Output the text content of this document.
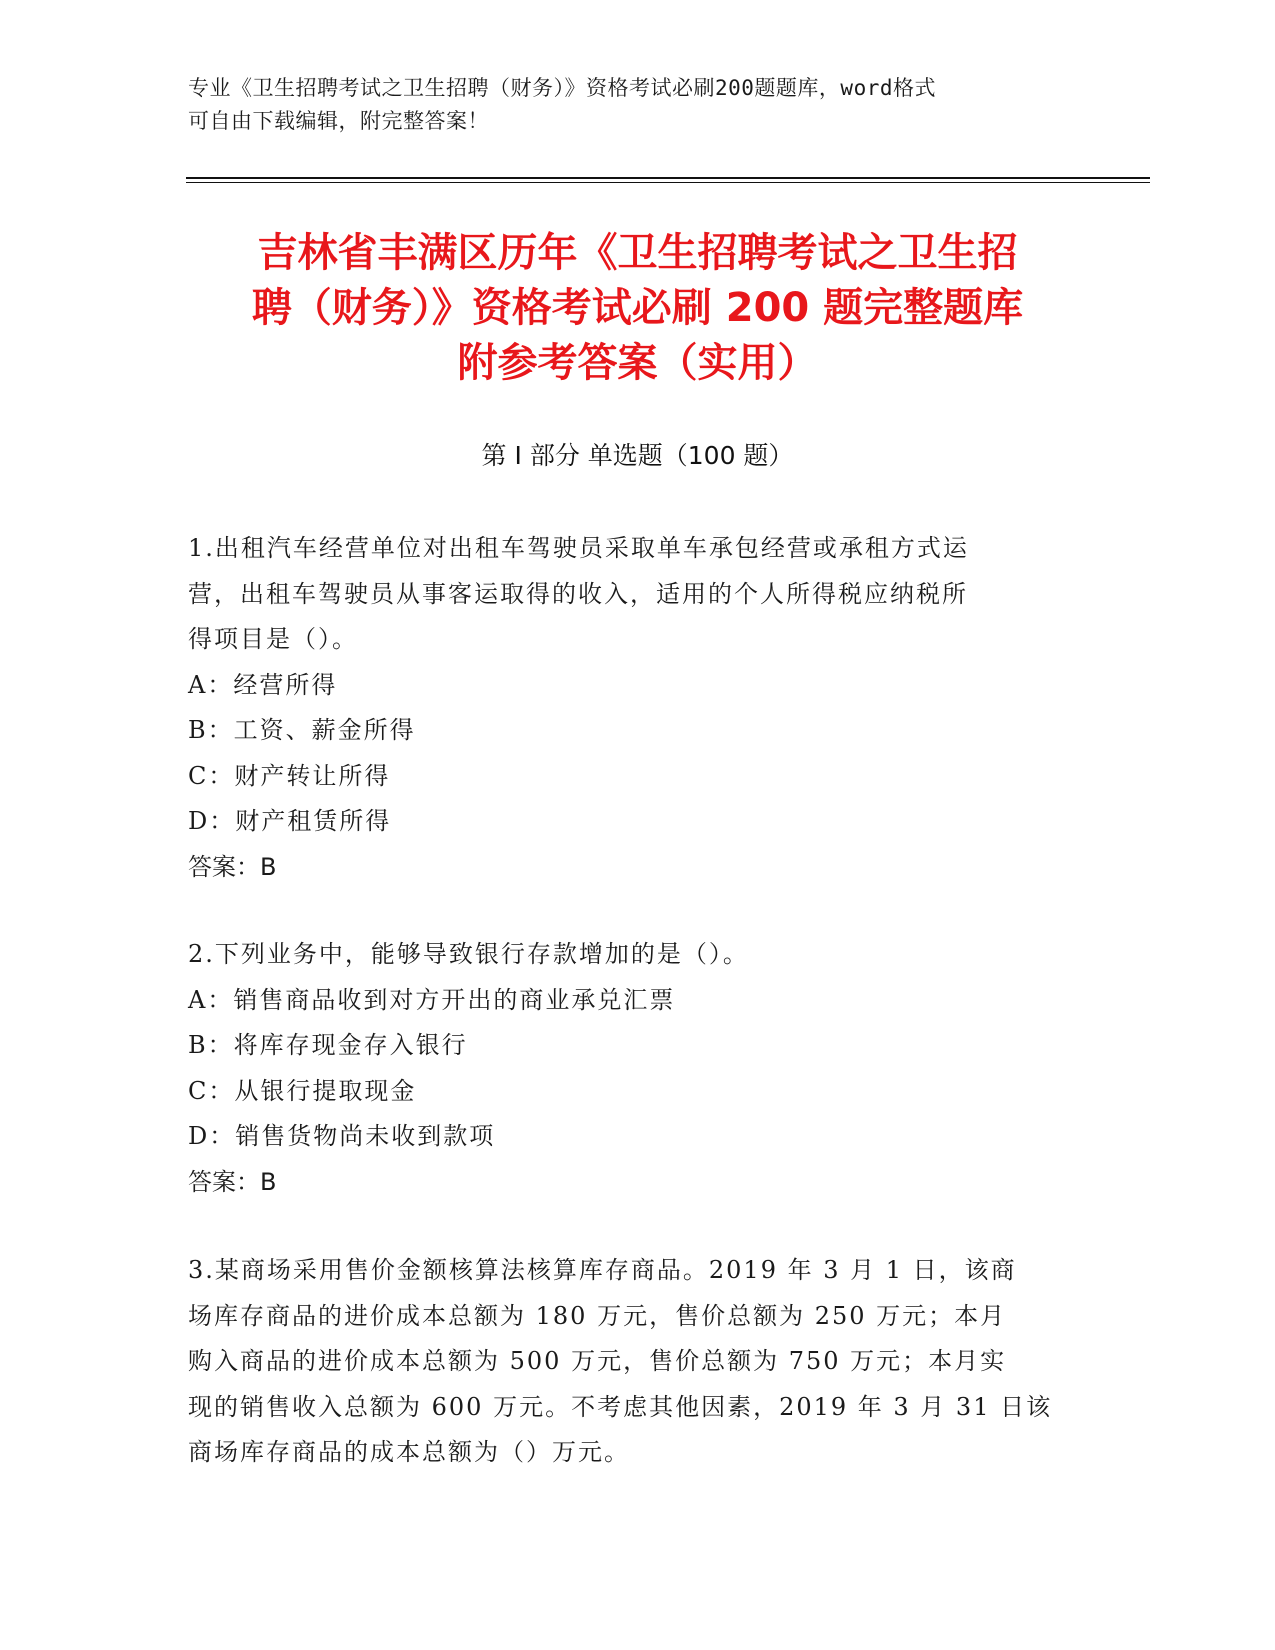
专业《卫生招聘考试之卫生招聘（财务）》资格考试必刷200题题库，word格式
可自由下载编辑，附完整答案！
吉林省丰满区历年《卫生招聘考试之卫生招
聘（财务）》资格考试必刷 200 题完整题库
附参考答案（实用）
第 I 部分 单选题（100 题）
1.出租汽车经营单位对出租车驾驶员采取单车承包经营或承租方式运
营，出租车驾驶员从事客运取得的收入，适用的个人所得税应纳税所
得项目是（）。
A：经营所得
B：工资、薪金所得
C：财产转让所得
D：财产租赁所得
答案：B
2.下列业务中，能够导致银行存款增加的是（）。
A：销售商品收到对方开出的商业承兑汇票
B：将库存现金存入银行
C：从银行提取现金
D：销售货物尚未收到款项
答案：B
3.某商场采用售价金额核算法核算库存商品。2019 年 3 月 1 日，该商
场库存商品的进价成本总额为 180 万元，售价总额为 250 万元；本月
购入商品的进价成本总额为 500 万元，售价总额为 750 万元；本月实
现的销售收入总额为 600 万元。不考虑其他因素，2019 年 3 月 31 日该
商场库存商品的成本总额为（）万元。
